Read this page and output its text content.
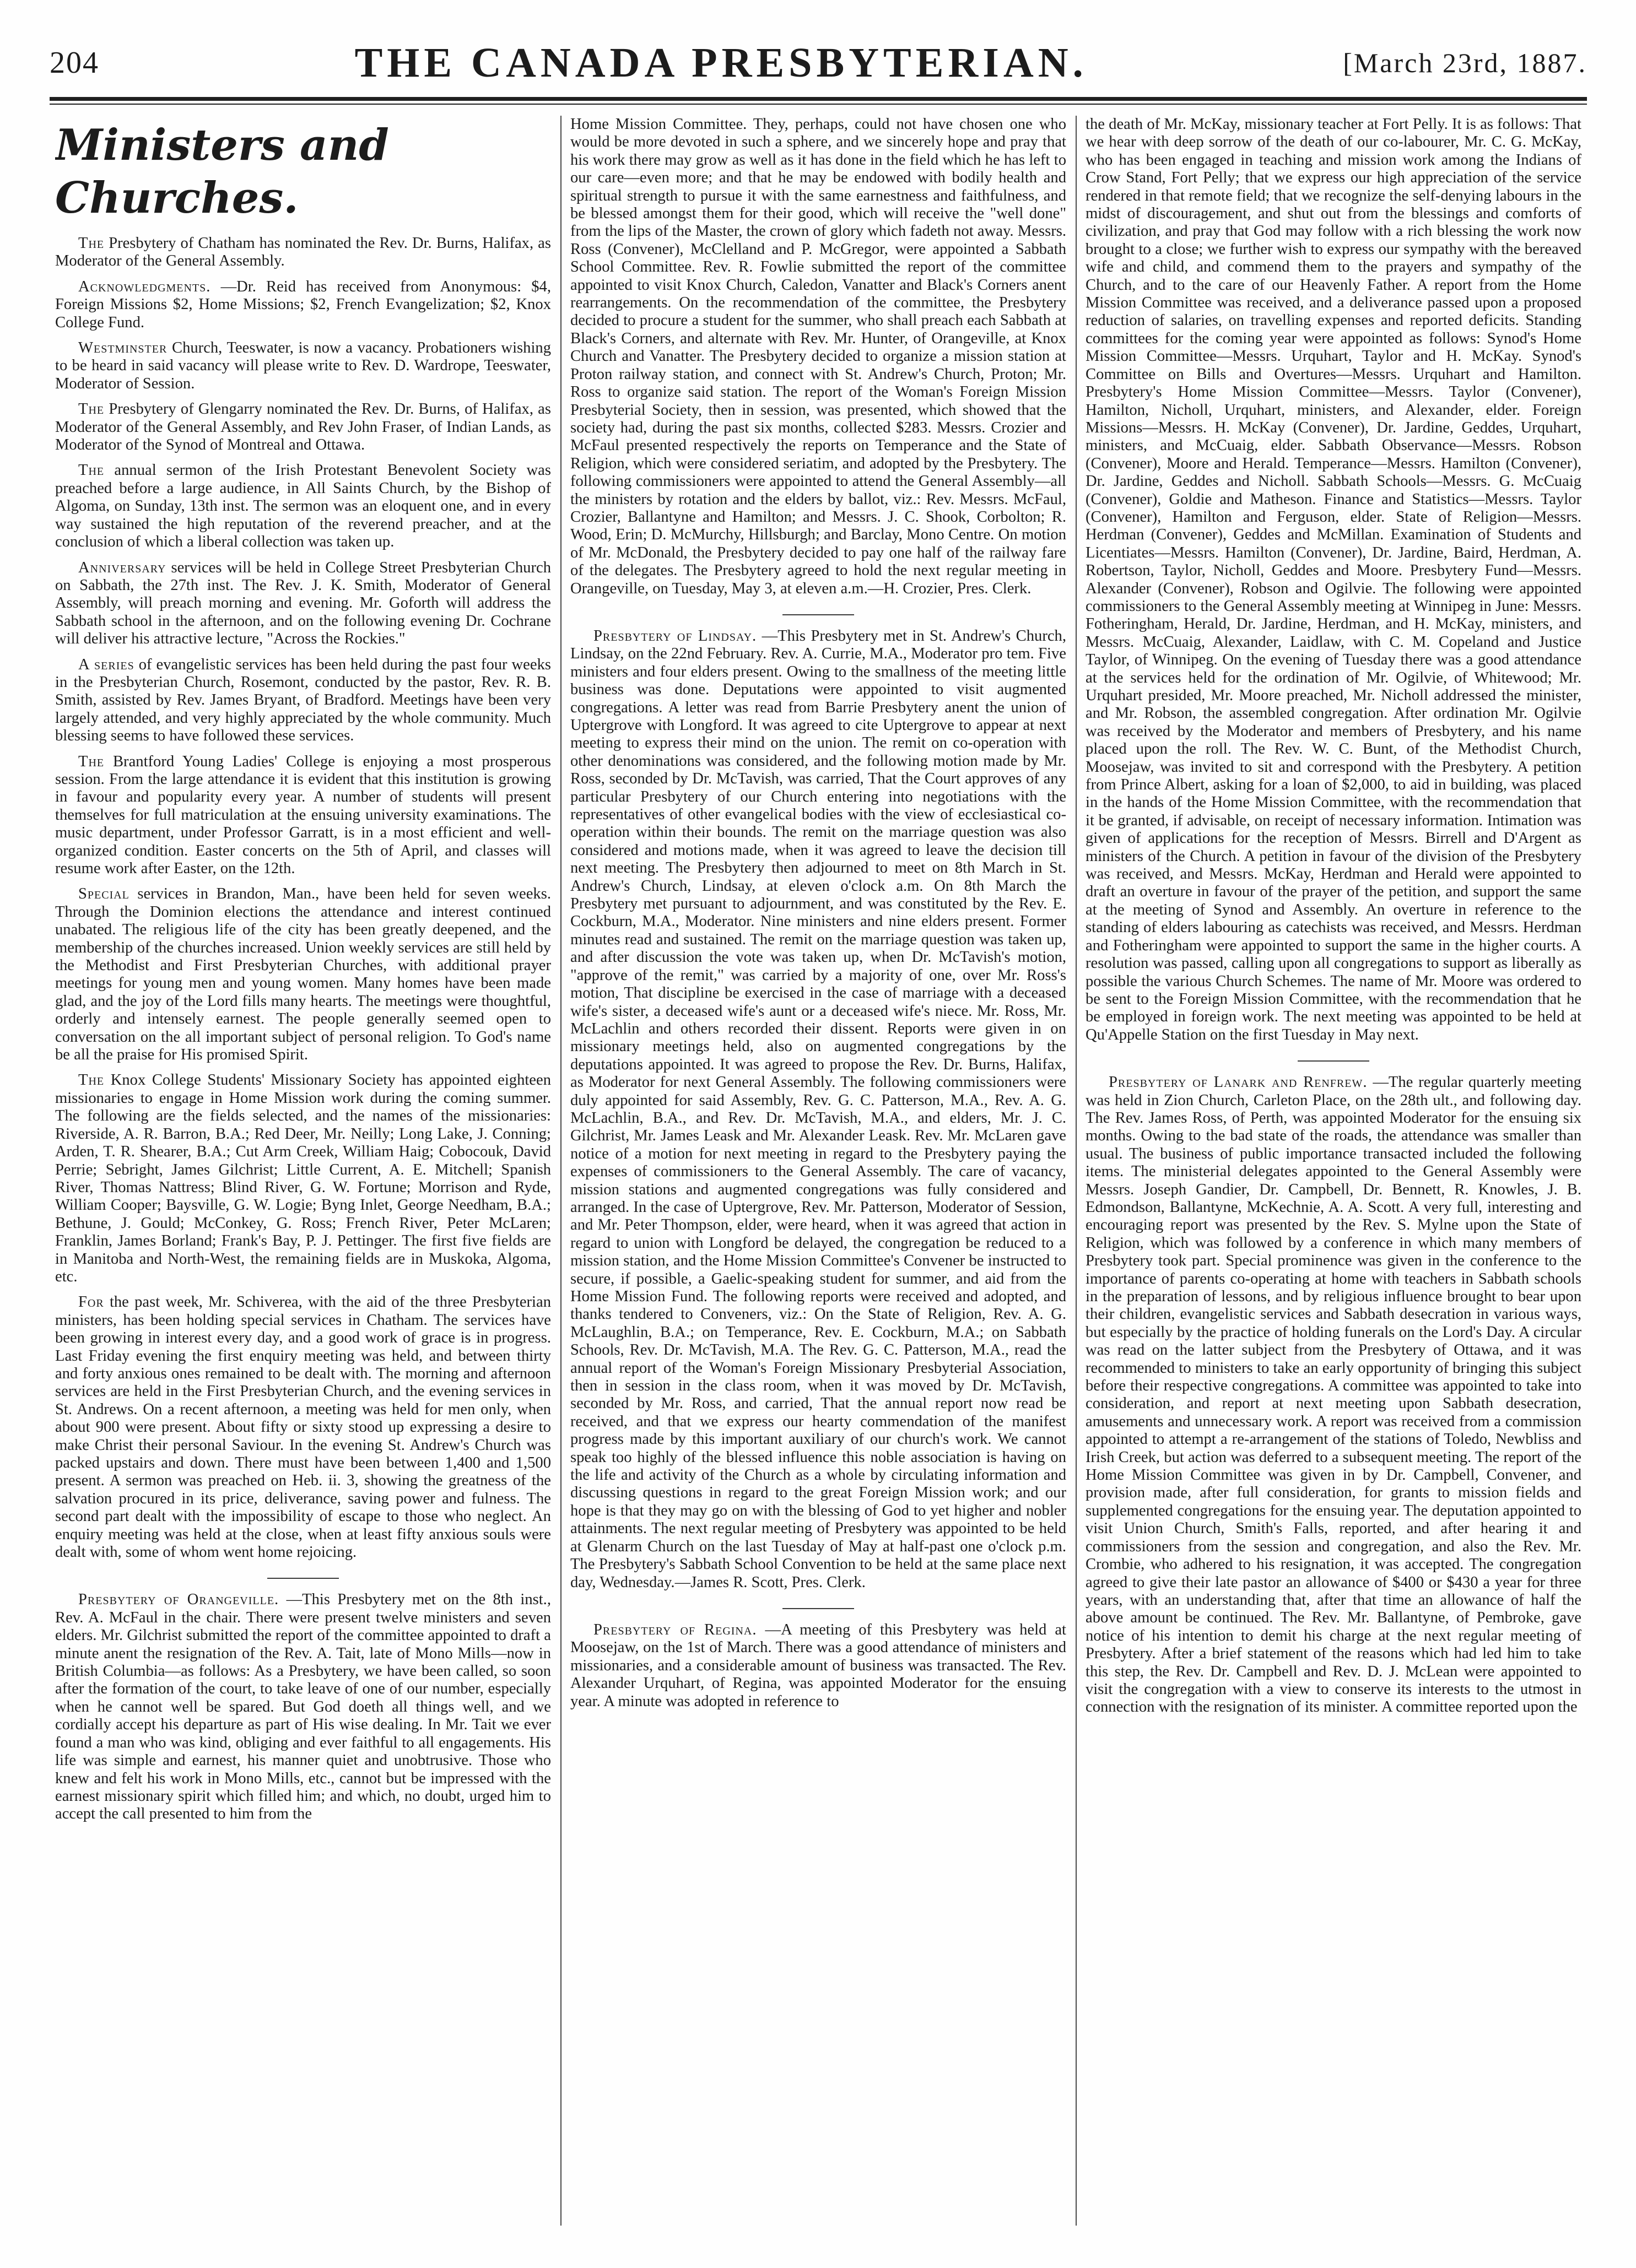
204	THE CANADA PRESBYTERIAN.	[March 23rd, 1887.
Ministers and Churches.

The Presbytery of Chatham has nominated the Rev. Dr. Burns, Halifax, as Moderator of the General Assembly.

Acknowledgments. —Dr. Reid has received from Anonymous: $4, Foreign Missions $2, Home Missions; $2, French Evangelization; $2, Knox College Fund.

Westminster Church, Teeswater, is now a vacancy. Probationers wishing to be heard in said vacancy will please write to Rev. D. Wardrope, Teeswater, Moderator of Session.

The Presbytery of Glengarry nominated the Rev. Dr. Burns, of Halifax, as Moderator of the General Assembly, and Rev John Fraser, of Indian Lands, as Moderator of the Synod of Montreal and Ottawa.

The annual sermon of the Irish Protestant Benevolent Society was preached before a large audience, in All Saints Church, by the Bishop of Algoma, on Sunday, 13th inst. The sermon was an eloquent one, and in every way sustained the high reputation of the reverend preacher, and at the conclusion of which a liberal collection was taken up.

Anniversary services will be held in College Street Presbyterian Church on Sabbath, the 27th inst. The Rev. J. K. Smith, Moderator of General Assembly, will preach morning and evening. Mr. Goforth will address the Sabbath school in the afternoon, and on the following evening Dr. Cochrane will deliver his attractive lecture, "Across the Rockies."

A series of evangelistic services has been held during the past four weeks in the Presbyterian Church, Rosemont, conducted by the pastor, Rev. R. B. Smith, assisted by Rev. James Bryant, of Bradford. Meetings have been very largely attended, and very highly appreciated by the whole community. Much blessing seems to have followed these services.

The Brantford Young Ladies' College is enjoying a most prosperous session. From the large attendance it is evident that this institution is growing in favour and popularity every year. A number of students will present themselves for full matriculation at the ensuing university examinations. The music department, under Professor Garratt, is in a most efficient and well-organized condition. Easter concerts on the 5th of April, and classes will resume work after Easter, on the 12th.

Special services in Brandon, Man., have been held for seven weeks. Through the Dominion elections the attendance and interest continued unabated. The religious life of the city has been greatly deepened, and the membership of the churches increased. Union weekly services are still held by the Methodist and First Presbyterian Churches, with additional prayer meetings for young men and young women. Many homes have been made glad, and the joy of the Lord fills many hearts. The meetings were thoughtful, orderly and intensely earnest. The people generally seemed open to conversation on the all important subject of personal religion. To God's name be all the praise for His promised Spirit.

The Knox College Students' Missionary Society has appointed eighteen missionaries to engage in Home Mission work during the coming summer. The following are the fields selected, and the names of the missionaries: Riverside, A. R. Barron, B.A.; Red Deer, Mr. Neilly; Long Lake, J. Conning; Arden, T. R. Shearer, B.A.; Cut Arm Creek, William Haig; Cobocouk, David Perrie; Sebright, James Gilchrist; Little Current, A. E. Mitchell; Spanish River, Thomas Nattress; Blind River, G. W. Fortune; Morrison and Ryde, William Cooper; Baysville, G. W. Logie; Byng Inlet, George Needham, B.A.; Bethune, J. Gould; McConkey, G. Ross; French River, Peter McLaren; Franklin, James Borland; Frank's Bay, P. J. Pettinger. The first five fields are in Manitoba and North-West, the remaining fields are in Muskoka, Algoma, etc.

For the past week, Mr. Schiverea, with the aid of the three Presbyterian ministers, has been holding special services in Chatham. The services have been growing in interest every day, and a good work of grace is in progress. Last Friday evening the first enquiry meeting was held, and between thirty and forty anxious ones remained to be dealt with. The morning and afternoon services are held in the First Presbyterian Church, and the evening services in St. Andrews. On a recent afternoon, a meeting was held for men only, when about 900 were present. About fifty or sixty stood up expressing a desire to make Christ their personal Saviour. In the evening St. Andrew's Church was packed upstairs and down. There must have been between 1,400 and 1,500 present. A sermon was preached on Heb. ii. 3, showing the greatness of the salvation procured in its price, deliverance, saving power and fulness. The second part dealt with the impossibility of escape to those who neglect. An enquiry meeting was held at the close, when at least fifty anxious souls were dealt with, some of whom went home rejoicing.

Presbytery of Orangeville. —This Presbytery met on the 8th inst., Rev. A. McFaul in the chair. There were present twelve ministers and seven elders. Mr. Gilchrist submitted the report of the committee appointed to draft a minute anent the resignation of the Rev. A. Tait, late of Mono Mills—now in British Columbia—as follows: As a Presbytery, we have been called, so soon after the formation of the court, to take leave of one of our number, especially when he cannot well be spared. But God doeth all things well, and we cordially accept his departure as part of His wise dealing. In Mr. Tait we ever found a man who was kind, obliging and ever faithful to all engagements. His life was simple and earnest, his manner quiet and unobtrusive. Those who knew and felt his work in Mono Mills, etc., cannot but be impressed with the earnest missionary spirit which filled him; and which, no doubt, urged him to accept the call presented to him from the

Home Mission Committee. They, perhaps, could not have chosen one who would be more devoted in such a sphere, and we sincerely hope and pray that his work there may grow as well as it has done in the field which he has left to our care—even more; and that he may be endowed with bodily health and spiritual strength to pursue it with the same earnestness and faithfulness, and be blessed amongst them for their good, which will receive the "well done" from the lips of the Master, the crown of glory which fadeth not away. Messrs. Ross (Convener), McClelland and P. McGregor, were appointed a Sabbath School Committee. Rev. R. Fowlie submitted the report of the committee appointed to visit Knox Church, Caledon, Vanatter and Black's Corners anent rearrangements. On the recommendation of the committee, the Presbytery decided to procure a student for the summer, who shall preach each Sabbath at Black's Corners, and alternate with Rev. Mr. Hunter, of Orangeville, at Knox Church and Vanatter. The Presbytery decided to organize a mission station at Proton railway station, and connect with St. Andrew's Church, Proton; Mr. Ross to organize said station. The report of the Woman's Foreign Mission Presbyterial Society, then in session, was presented, which showed that the society had, during the past six months, collected $283. Messrs. Crozier and McFaul presented respectively the reports on Temperance and the State of Religion, which were considered seriatim, and adopted by the Presbytery. The following commissioners were appointed to attend the General Assembly—all the ministers by rotation and the elders by ballot, viz.: Rev. Messrs. McFaul, Crozier, Ballantyne and Hamilton; and Messrs. J. C. Shook, Corbolton; R. Wood, Erin; D. McMurchy, Hillsburgh; and Barclay, Mono Centre. On motion of Mr. McDonald, the Presbytery decided to pay one half of the railway fare of the delegates. The Presbytery agreed to hold the next regular meeting in Orangeville, on Tuesday, May 3, at eleven a.m.—H. Crozier, Pres. Clerk.

Presbytery of Lindsay. —This Presbytery met in St. Andrew's Church, Lindsay, on the 22nd February. Rev. A. Currie, M.A., Moderator pro tem. Five ministers and four elders present. Owing to the smallness of the meeting little business was done. Deputations were appointed to visit augmented congregations. A letter was read from Barrie Presbytery anent the union of Uptergrove with Longford. It was agreed to cite Uptergrove to appear at next meeting to express their mind on the union. The remit on co-operation with other denominations was considered, and the following motion made by Mr. Ross, seconded by Dr. McTavish, was carried, That the Court approves of any particular Presbytery of our Church entering into negotiations with the representatives of other evangelical bodies with the view of ecclesiastical co-operation within their bounds. The remit on the marriage question was also considered and motions made, when it was agreed to leave the decision till next meeting. The Presbytery then adjourned to meet on 8th March in St. Andrew's Church, Lindsay, at eleven o'clock a.m. On 8th March the Presbytery met pursuant to adjournment, and was constituted by the Rev. E. Cockburn, M.A., Moderator. Nine ministers and nine elders present. Former minutes read and sustained. The remit on the marriage question was taken up, and after discussion the vote was taken up, when Dr. McTavish's motion, "approve of the remit," was carried by a majority of one, over Mr. Ross's motion, That discipline be exercised in the case of marriage with a deceased wife's sister, a deceased wife's aunt or a deceased wife's niece. Mr. Ross, Mr. McLachlin and others recorded their dissent. Reports were given in on missionary meetings held, also on augmented congregations by the deputations appointed. It was agreed to propose the Rev. Dr. Burns, Halifax, as Moderator for next General Assembly. The following commissioners were duly appointed for said Assembly, Rev. G. C. Patterson, M.A., Rev. A. G. McLachlin, B.A., and Rev. Dr. McTavish, M.A., and elders, Mr. J. C. Gilchrist, Mr. James Leask and Mr. Alexander Leask. Rev. Mr. McLaren gave notice of a motion for next meeting in regard to the Presbytery paying the expenses of commissioners to the General Assembly. The care of vacancy, mission stations and augmented congregations was fully considered and arranged. In the case of Uptergrove, Rev. Mr. Patterson, Moderator of Session, and Mr. Peter Thompson, elder, were heard, when it was agreed that action in regard to union with Longford be delayed, the congregation be reduced to a mission station, and the Home Mission Committee's Convener be instructed to secure, if possible, a Gaelic-speaking student for summer, and aid from the Home Mission Fund. The following reports were received and adopted, and thanks tendered to Conveners, viz.: On the State of Religion, Rev. A. G. McLaughlin, B.A.; on Temperance, Rev. E. Cockburn, M.A.; on Sabbath Schools, Rev. Dr. McTavish, M.A. The Rev. G. C. Patterson, M.A., read the annual report of the Woman's Foreign Missionary Presbyterial Association, then in session in the class room, when it was moved by Dr. McTavish, seconded by Mr. Ross, and carried, That the annual report now read be received, and that we express our hearty commendation of the manifest progress made by this important auxiliary of our church's work. We cannot speak too highly of the blessed influence this noble association is having on the life and activity of the Church as a whole by circulating information and discussing questions in regard to the great Foreign Mission work; and our hope is that they may go on with the blessing of God to yet higher and nobler attainments. The next regular meeting of Presbytery was appointed to be held at Glenarm Church on the last Tuesday of May at half-past one o'clock p.m. The Presbytery's Sabbath School Convention to be held at the same place next day, Wednesday.—James R. Scott, Pres. Clerk.

Presbytery of Regina. —A meeting of this Presbytery was held at Moosejaw, on the 1st of March. There was a good attendance of ministers and missionaries, and a considerable amount of business was transacted. The Rev. Alexander Urquhart, of Regina, was appointed Moderator for the ensuing year. A minute was adopted in reference to

the death of Mr. McKay, missionary teacher at Fort Pelly. It is as follows: That we hear with deep sorrow of the death of our co-labourer, Mr. C. G. McKay, who has been engaged in teaching and mission work among the Indians of Crow Stand, Fort Pelly; that we express our high appreciation of the service rendered in that remote field; that we recognize the self-denying labours in the midst of discouragement, and shut out from the blessings and comforts of civilization, and pray that God may follow with a rich blessing the work now brought to a close; we further wish to express our sympathy with the bereaved wife and child, and commend them to the prayers and sympathy of the Church, and to the care of our Heavenly Father. A report from the Home Mission Committee was received, and a deliverance passed upon a proposed reduction of salaries, on travelling expenses and reported deficits. Standing committees for the coming year were appointed as follows: Synod's Home Mission Committee—Messrs. Urquhart, Taylor and H. McKay. Synod's Committee on Bills and Overtures—Messrs. Urquhart and Hamilton. Presbytery's Home Mission Committee—Messrs. Taylor (Convener), Hamilton, Nicholl, Urquhart, ministers, and Alexander, elder. Foreign Missions—Messrs. H. McKay (Convener), Dr. Jardine, Geddes, Urquhart, ministers, and McCuaig, elder. Sabbath Observance—Messrs. Robson (Convener), Moore and Herald. Temperance—Messrs. Hamilton (Convener), Dr. Jardine, Geddes and Nicholl. Sabbath Schools—Messrs. G. McCuaig (Convener), Goldie and Matheson. Finance and Statistics—Messrs. Taylor (Convener), Hamilton and Ferguson, elder. State of Religion—Messrs. Herdman (Convener), Geddes and McMillan. Examination of Students and Licentiates—Messrs. Hamilton (Convener), Dr. Jardine, Baird, Herdman, A. Robertson, Taylor, Nicholl, Geddes and Moore. Presbytery Fund—Messrs. Alexander (Convener), Robson and Ogilvie. The following were appointed commissioners to the General Assembly meeting at Winnipeg in June: Messrs. Fotheringham, Herald, Dr. Jardine, Herdman, and H. McKay, ministers, and Messrs. McCuaig, Alexander, Laidlaw, with C. M. Copeland and Justice Taylor, of Winnipeg. On the evening of Tuesday there was a good attendance at the services held for the ordination of Mr. Ogilvie, of Whitewood; Mr. Urquhart presided, Mr. Moore preached, Mr. Nicholl addressed the minister, and Mr. Robson, the assembled congregation. After ordination Mr. Ogilvie was received by the Moderator and members of Presbytery, and his name placed upon the roll. The Rev. W. C. Bunt, of the Methodist Church, Moosejaw, was invited to sit and correspond with the Presbytery. A petition from Prince Albert, asking for a loan of $2,000, to aid in building, was placed in the hands of the Home Mission Committee, with the recommendation that it be granted, if advisable, on receipt of necessary information. Intimation was given of applications for the reception of Messrs. Birrell and D'Argent as ministers of the Church. A petition in favour of the division of the Presbytery was received, and Messrs. McKay, Herdman and Herald were appointed to draft an overture in favour of the prayer of the petition, and support the same at the meeting of Synod and Assembly. An overture in reference to the standing of elders labouring as catechists was received, and Messrs. Herdman and Fotheringham were appointed to support the same in the higher courts. A resolution was passed, calling upon all congregations to support as liberally as possible the various Church Schemes. The name of Mr. Moore was ordered to be sent to the Foreign Mission Committee, with the recommendation that he be employed in foreign work. The next meeting was appointed to be held at Qu'Appelle Station on the first Tuesday in May next.

Presbytery of Lanark and Renfrew. —The regular quarterly meeting was held in Zion Church, Carleton Place, on the 28th ult., and following day. The Rev. James Ross, of Perth, was appointed Moderator for the ensuing six months. Owing to the bad state of the roads, the attendance was smaller than usual. The business of public importance transacted included the following items. The ministerial delegates appointed to the General Assembly were Messrs. Joseph Gandier, Dr. Campbell, Dr. Bennett, R. Knowles, J. B. Edmondson, Ballantyne, McKechnie, A. A. Scott. A very full, interesting and encouraging report was presented by the Rev. S. Mylne upon the State of Religion, which was followed by a conference in which many members of Presbytery took part. Special prominence was given in the conference to the importance of parents co-operating at home with teachers in Sabbath schools in the preparation of lessons, and by religious influence brought to bear upon their children, evangelistic services and Sabbath desecration in various ways, but especially by the practice of holding funerals on the Lord's Day. A circular was read on the latter subject from the Presbytery of Ottawa, and it was recommended to ministers to take an early opportunity of bringing this subject before their respective congregations. A committee was appointed to take into consideration, and report at next meeting upon Sabbath desecration, amusements and unnecessary work. A report was received from a commission appointed to attempt a re-arrangement of the stations of Toledo, Newbliss and Irish Creek, but action was deferred to a subsequent meeting. The report of the Home Mission Committee was given in by Dr. Campbell, Convener, and provision made, after full consideration, for grants to mission fields and supplemented congregations for the ensuing year. The deputation appointed to visit Union Church, Smith's Falls, reported, and after hearing it and commissioners from the session and congregation, and also the Rev. Mr. Crombie, who adhered to his resignation, it was accepted. The congregation agreed to give their late pastor an allowance of $400 or $430 a year for three years, with an understanding that, after that time an allowance of half the above amount be continued. The Rev. Mr. Ballantyne, of Pembroke, gave notice of his intention to demit his charge at the next regular meeting of Presbytery. After a brief statement of the reasons which had led him to take this step, the Rev. Dr. Campbell and Rev. D. J. McLean were appointed to visit the congregation with a view to conserve its interests to the utmost in connection with the resignation of its minister. A committee reported upon the
